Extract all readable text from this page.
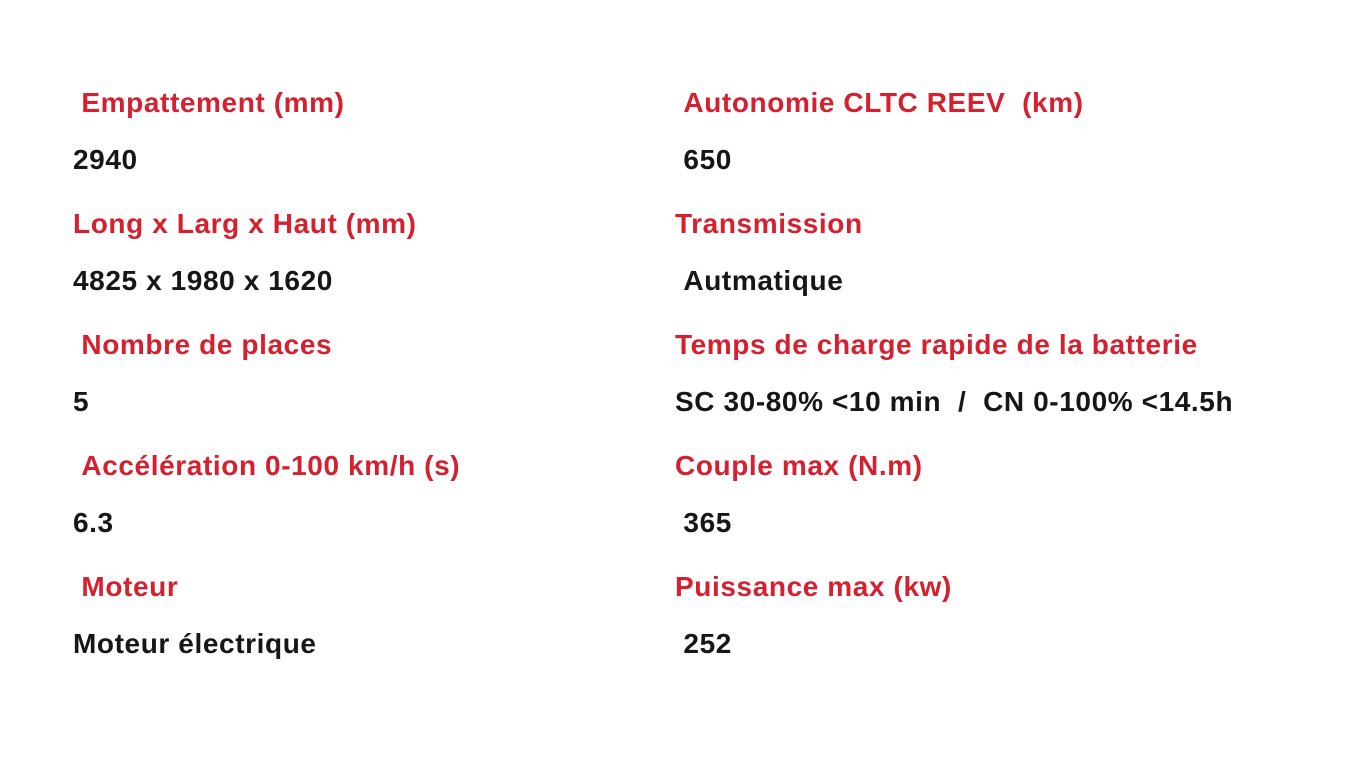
Empattement (mm)
2940
Long x Larg x Haut (mm)
4825 x 1980 x 1620
Nombre de places
5
Accélération 0-100 km/h (s)
6.3
Moteur
Moteur électrique
Autonomie CLTC REEV  (km)
650
Transmission
Autmatique
Temps de charge rapide de la batterie
SC 30-80% <10 min  /  CN 0-100% <14.5h
Couple max (N.m)
365
Puissance max (kw)
252
